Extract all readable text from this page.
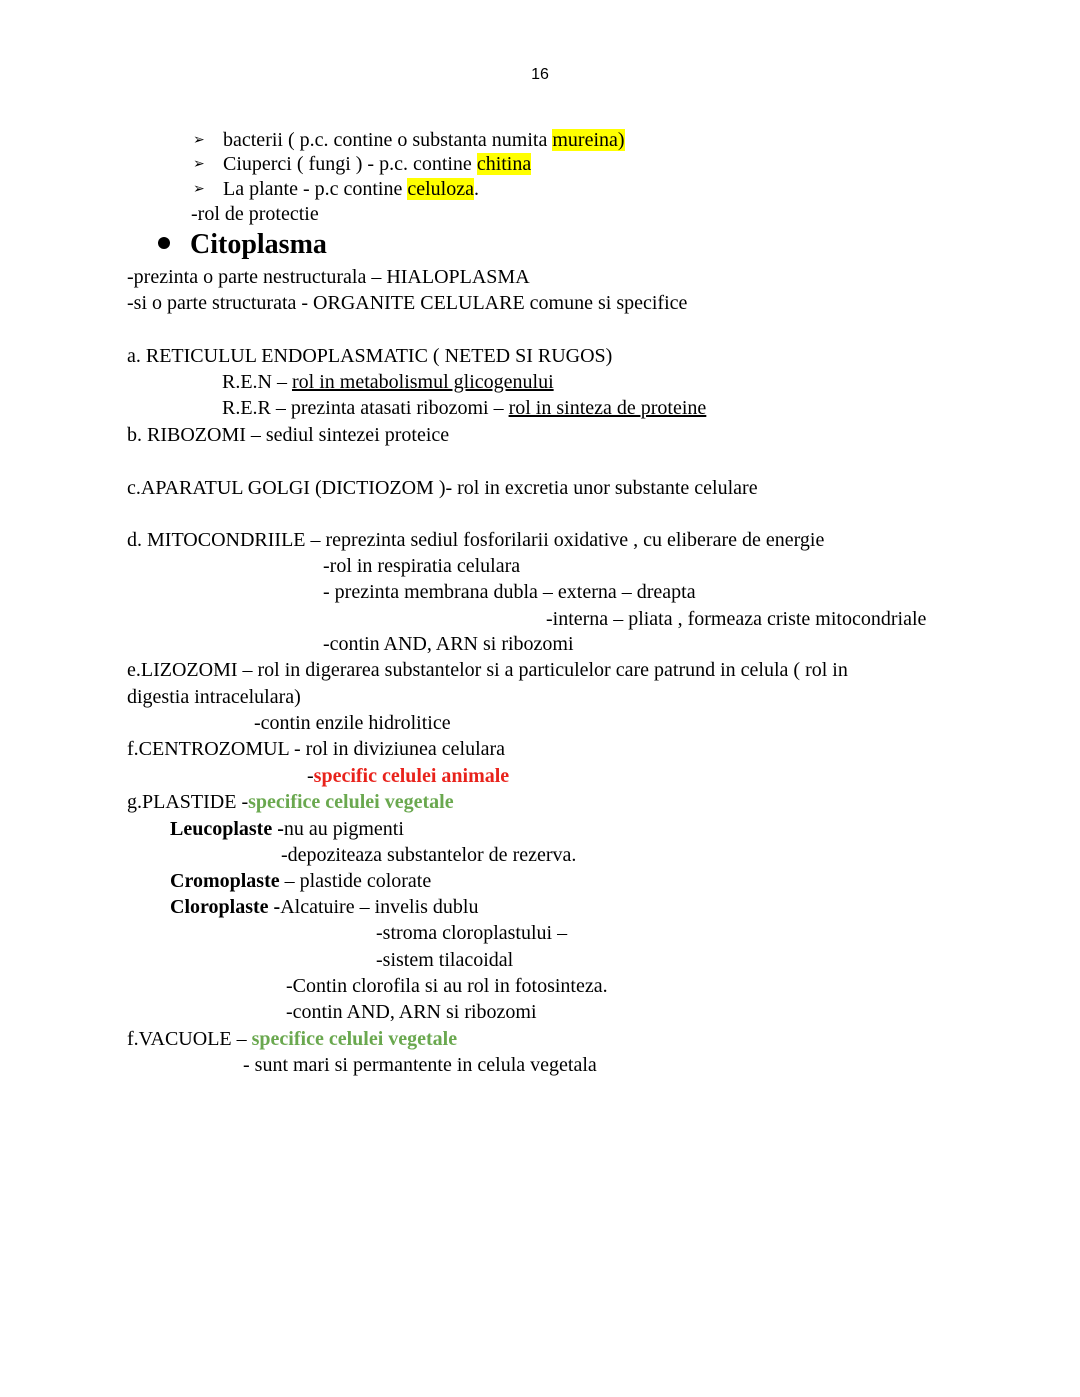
16
➢ bacterii ( p.c. contine o substanta numita mureina)
➢ Ciuperci ( fungi ) - p.c. contine chitina
➢ La plante - p.c contine celuloza.
-rol de protectie
Citoplasma
-prezinta o parte nestructurala – HIALOPLASMA
-si o parte structurata - ORGANITE CELULARE comune si specifice
a. RETICULUL ENDOPLASMATIC ( NETED SI RUGOS)
R.E.N – rol in metabolismul glicogenului
R.E.R – prezinta atasati ribozomi – rol in sinteza de proteine
b. RIBOZOMI – sediul sintezei proteice
c.APARATUL GOLGI (DICTIOZOM )- rol in excretia unor substante celulare
d. MITOCONDRIILE – reprezinta sediul fosforilarii oxidative , cu eliberare de energie
-rol in respiratia celulara
- prezinta membrana dubla – externa – dreapta
-interna – pliata , formeaza criste mitocondriale
-contin AND, ARN si ribozomi
e.LIZOZOMI – rol in digerarea substantelor si a particulelor care patrund in celula ( rol in
digestia intracelulara)
-contin enzile hidrolitice
f.CENTROZOMUL - rol in diviziunea celulara
-specific celulei animale
g.PLASTIDE -specifice celulei vegetale
Leucoplaste -nu au pigmenti
-depoziteaza substantelor de rezerva.
Cromoplaste – plastide colorate
Cloroplaste -Alcatuire – invelis dublu
-stroma cloroplastului –
-sistem tilacoidal
-Contin clorofila si au rol in fotosinteza.
-contin AND, ARN si ribozomi
f.VACUOLE – specifice celulei vegetale
- sunt mari si permantente in celula vegetala
